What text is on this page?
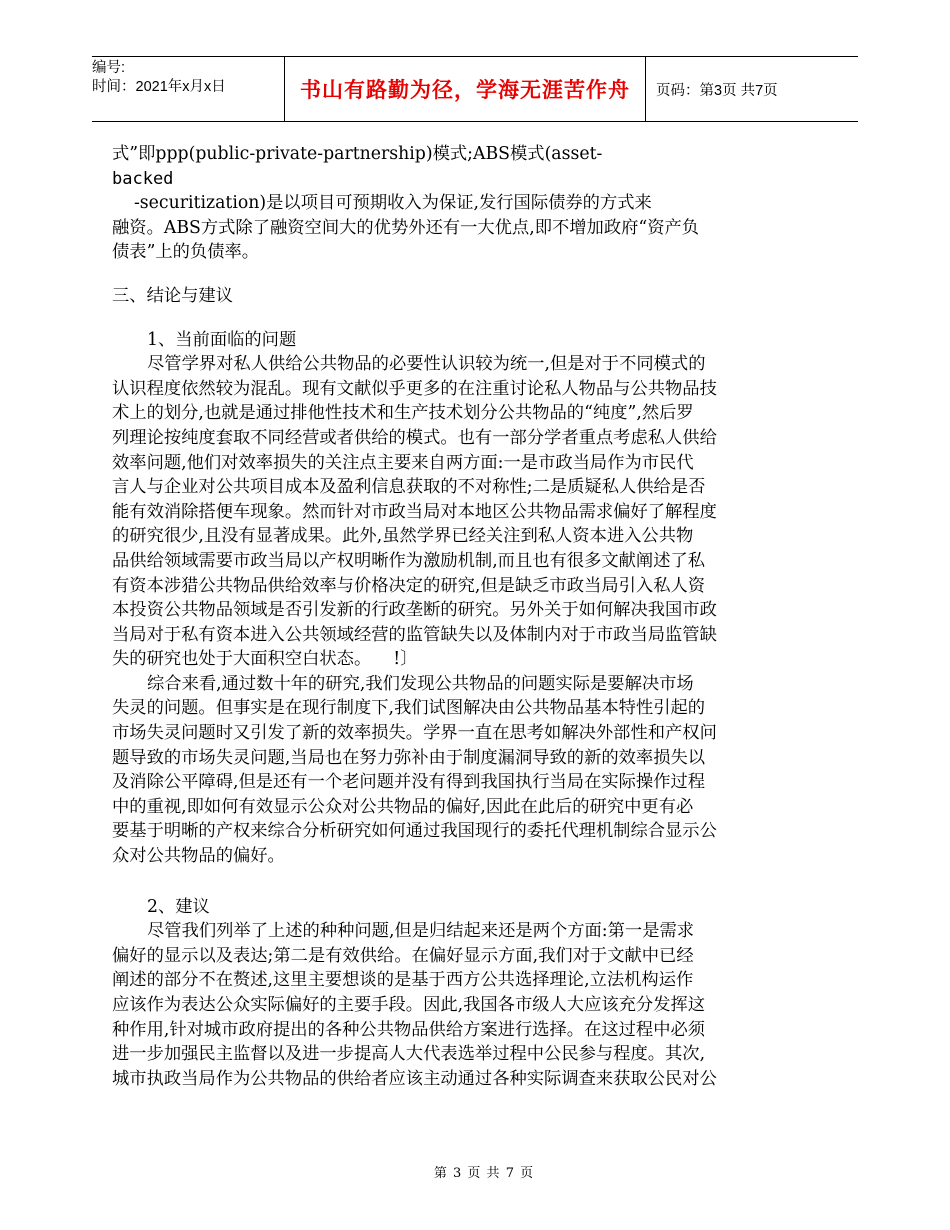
编号:
时间：2021年x月x日	书山有路勤为径，学海无涯苦作舟 页码：第3页 共7页
式”即ppp(public-private-partnership)模式;ABS模式(asset-
backed
-securitization)是以项目可预期收入为保证,发行国际债券的方式来
融资。ABS方式除了融资空间大的优势外还有一大优点,即不增加政府“资产负
债表”上的负债率。
三、结论与建议
1、当前面临的问题
尽管学界对私人供给公共物品的必要性认识较为统一,但是对于不同模式的
认识程度依然较为混乱。现有文献似乎更多的在注重讨论私人物品与公共物品技
术上的划分,也就是通过排他性技术和生产技术划分公共物品的“纯度”,然后罗
列理论按纯度套取不同经营或者供给的模式。也有一部分学者重点考虑私人供给
效率问题,他们对效率损失的关注点主要来自两方面:一是市政当局作为市民代
言人与企业对公共项目成本及盈利信息获取的不对称性;二是质疑私人供给是否
能有效消除搭便车现象。然而针对市政当局对本地区公共物品需求偏好了解程度
的研究很少,且没有显著成果。此外,虽然学界已经关注到私人资本进入公共物
品供给领域需要市政当局以产权明晰作为激励机制,而且也有很多文献阐述了私
有资本涉猎公共物品供给效率与价格决定的研究,但是缺乏市政当局引入私人资
本投资公共物品领域是否引发新的行政垄断的研究。另外关于如何解决我国市政
当局对于私有资本进入公共领域经营的监管缺失以及体制内对于市政当局监管缺
失的研究也处于大面积空白状态。    !〕
综合来看,通过数十年的研究,我们发现公共物品的问题实际是要解决市场
失灵的问题。但事实是在现行制度下,我们试图解决由公共物品基本特性引起的
市场失灵问题时又引发了新的效率损失。学界一直在思考如解决外部性和产权问
题导致的市场失灵问题,当局也在努力弥补由于制度漏洞导致的新的效率损失以
及消除公平障碍,但是还有一个老问题并没有得到我国执行当局在实际操作过程
中的重视,即如何有效显示公众对公共物品的偏好,因此在此后的研究中更有必
要基于明晰的产权来综合分析研究如何通过我国现行的委托代理机制综合显示公
众对公共物品的偏好。
2、建议
尽管我们列举了上述的种种问题,但是归结起来还是两个方面:第一是需求
偏好的显示以及表达;第二是有效供给。在偏好显示方面,我们对于文献中已经
阐述的部分不在赘述,这里主要想谈的是基于西方公共选择理论,立法机构运作
应该作为表达公众实际偏好的主要手段。因此,我国各市级人大应该充分发挥这
种作用,针对城市政府提出的各种公共物品供给方案进行选择。在这过程中必须
进一步加强民主监督以及进一步提高人大代表选举过程中公民参与程度。其次,
城市执政当局作为公共物品的供给者应该主动通过各种实际调查来获取公民对公
第 3 页 共 7 页
